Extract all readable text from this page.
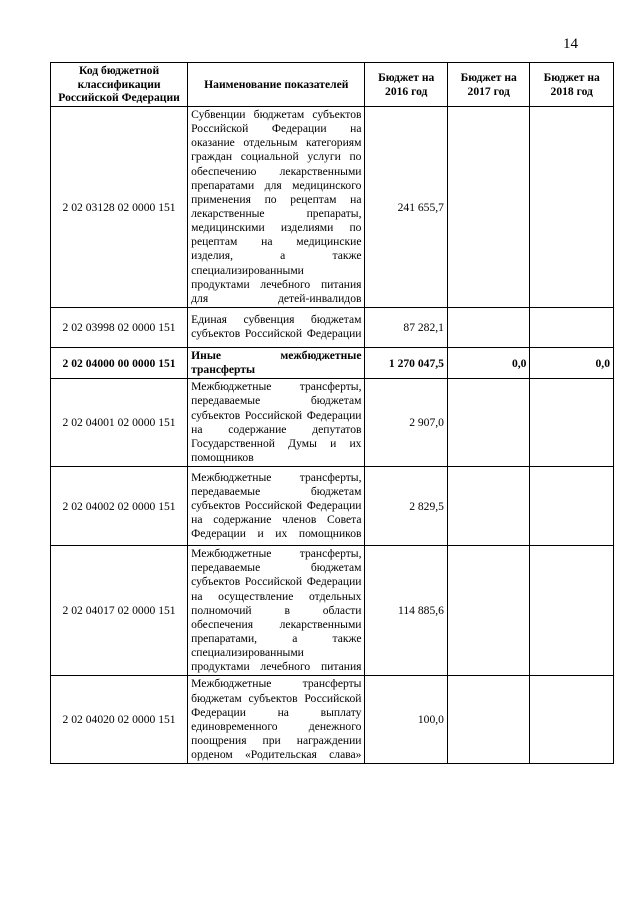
14
Код бюджетной классификации Российской Федерации	Наименование показателей	Бюджет на 2016 год	Бюджет на 2017 год	Бюджет на 2018 год
2 02 03128 02 0000 151	Субвенции бюджетам субъектов Российской Федерации на оказание отдельным категориям граждан социальной услуги по обеспечению лекарственными препаратами для медицинского применения по рецептам на лекарственные препараты, медицинскими изделиями по рецептам на медицинские изделия, а также специализированными продуктами лечебного питания для детей-инвалидов	241 655,7		
2 02 03998 02 0000 151	Единая субвенция бюджетам субъектов Российской Федерации	87 282,1		
2 02 04000 00 0000 151	Иные межбюджетные трансферты	1 270 047,5	0,0	0,0
2 02 04001 02 0000 151	Межбюджетные трансферты, передаваемые бюджетам субъектов Российской Федерации на содержание депутатов Государственной Думы и их помощников	2 907,0		
2 02 04002 02 0000 151	Межбюджетные трансферты, передаваемые бюджетам субъектов Российской Федерации на содержание членов Совета Федерации и их помощников	2 829,5		
2 02 04017 02 0000 151	Межбюджетные трансферты, передаваемые бюджетам субъектов Российской Федерации на осуществление отдельных полномочий в области обеспечения лекарственными препаратами, а также специализированными продуктами лечебного питания	114 885,6		
2 02 04020 02 0000 151	Межбюджетные трансферты бюджетам субъектов Российской Федерации на выплату единовременного денежного поощрения при награждении орденом «Родительская слава»	100,0		
